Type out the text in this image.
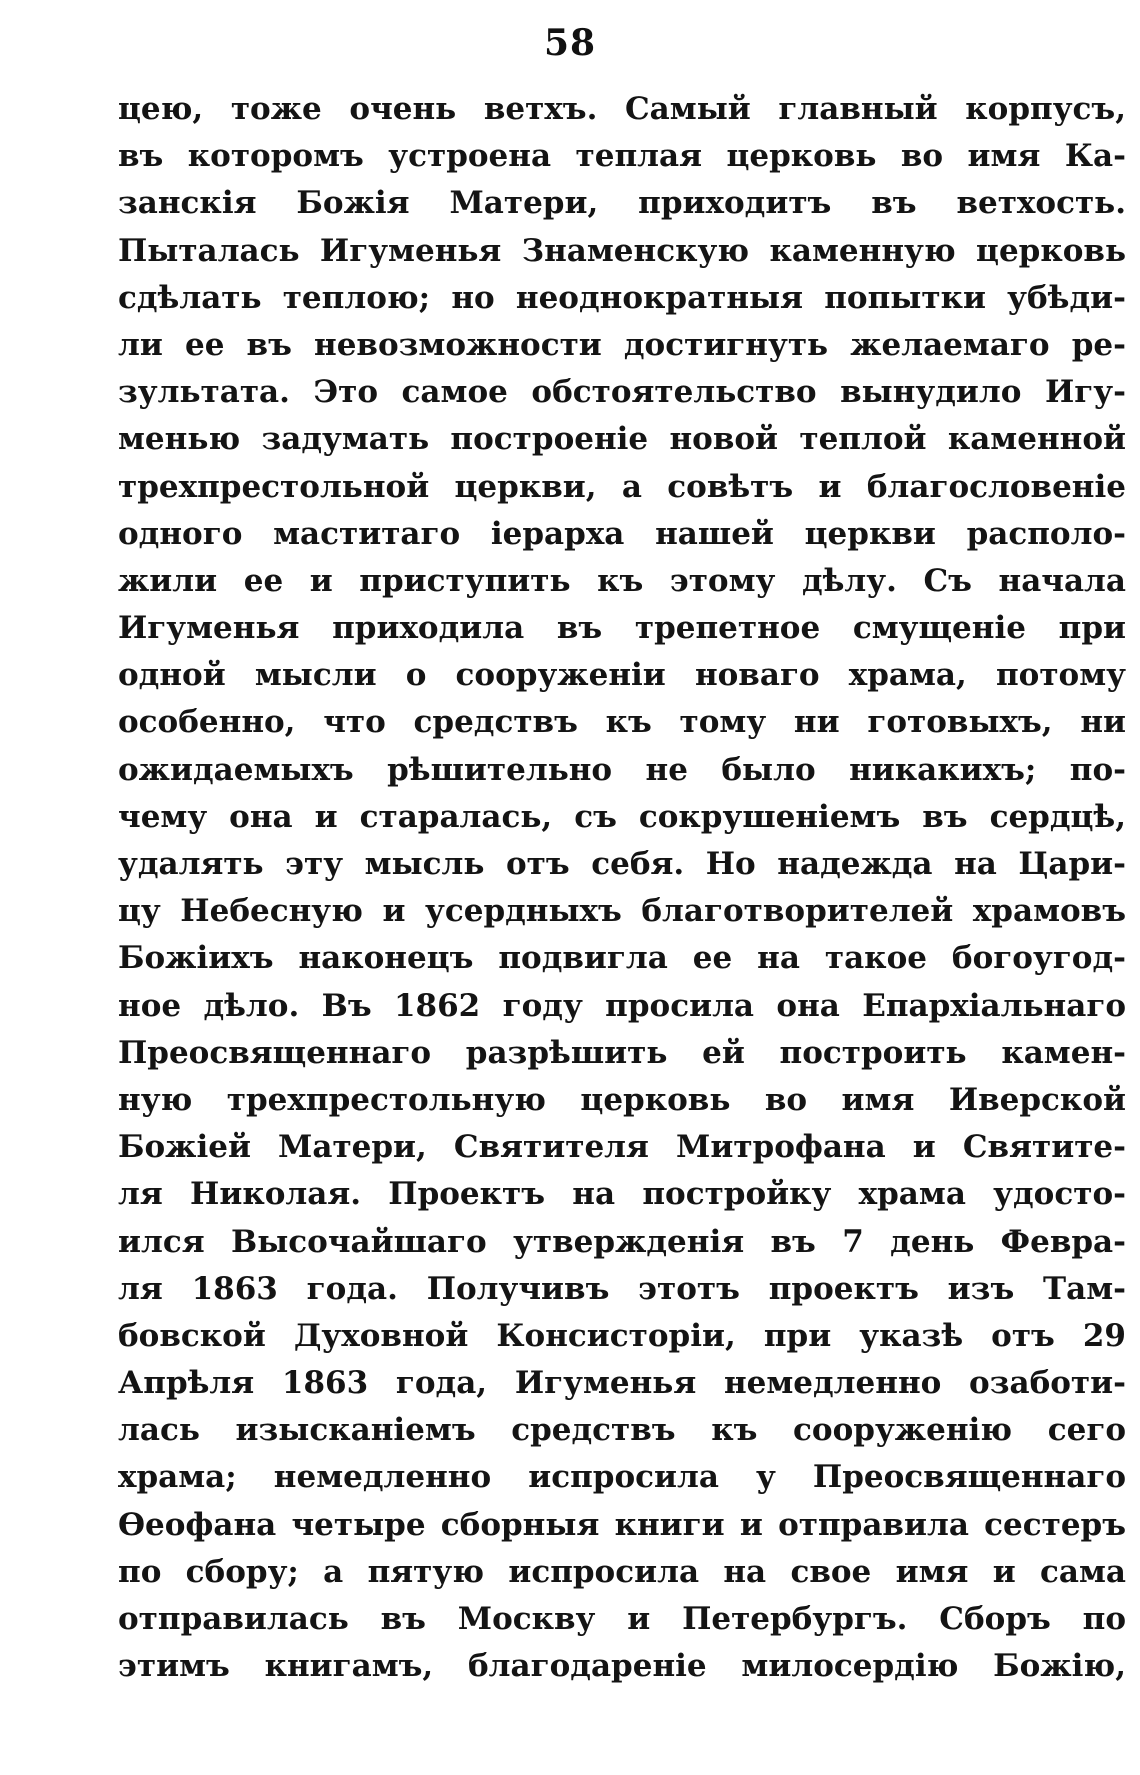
58
цею, тоже очень ветхъ. Самый главный корпусъ,
въ которомъ устроена теплая церковь во имя Ка-
занскія Божія Матери, приходитъ въ ветхость.
Пыталась Игуменья Знаменскую каменную церковь
сдѣлать теплою; но неоднократныя попытки убѣди-
ли ее въ невозможности достигнуть желаемаго ре-
зультата. Это самое обстоятельство вынудило Игу-
менью задумать построеніе новой теплой каменной
трехпрестольной церкви, а совѣтъ и благословеніе
одного маститаго іерарха нашей церкви располо-
жили ее и приступить къ этому дѣлу. Съ начала
Игуменья приходила въ трепетное смущеніе при
одной мысли о сооруженіи новаго храма, потому
особенно, что средствъ къ тому ни готовыхъ, ни
ожидаемыхъ рѣшительно не было никакихъ; по-
чему она и старалась, съ сокрушеніемъ въ сердцѣ,
удалять эту мысль отъ себя. Но надежда на Цари-
цу Небесную и усердныхъ благотворителей храмовъ
Божіихъ наконецъ подвигла ее на такое богоугод-
ное дѣло. Въ 1862 году просила она Епархіальнаго
Преосвященнаго разрѣшить ей построить камен-
ную трехпрестольную церковь во имя Иверской
Божіей Матери, Святителя Митрофана и Святите-
ля Николая. Проектъ на постройку храма удосто-
ился Высочайшаго утвержденія въ 7 день Февра-
ля 1863 года. Получивъ этотъ проектъ изъ Там-
бовской Духовной Консисторіи, при указѣ отъ 29
Апрѣля 1863 года, Игуменья немедленно озаботи-
лась изысканіемъ средствъ къ сооруженію сего
храма; немедленно испросила у Преосвященнаго
Ѳеофана четыре сборныя книги и отправила сестеръ
по сбору; а пятую испросила на свое имя и сама
отправилась въ Москву и Петербургъ. Сборъ по
этимъ книгамъ, благодареніе милосердію Божію,
